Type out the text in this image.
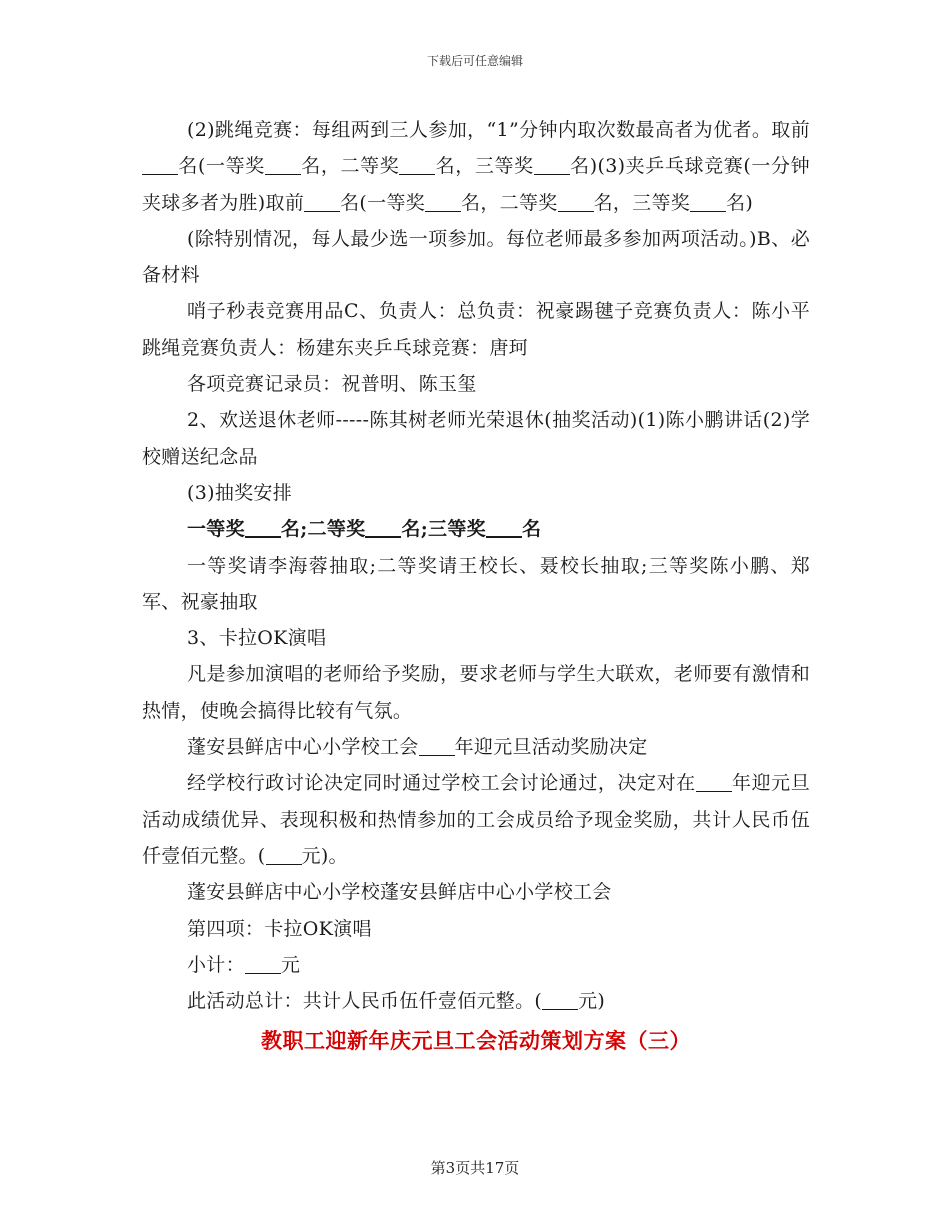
下载后可任意编辑

(2)跳绳竞赛：每组两到三人参加，“1”分钟内取次数最高者为优者。取前名(一等奖 名，二等奖 名，三等奖 名)(3)夹乒乓球竞赛(一分钟夹球多者为胜)取前 名(一等奖 名，二等奖 名，三等奖 名)

(除特别情况，每人最少选一项参加。每位老师最多参加两项活动。)B、必备材料

哨子秒表竞赛用品C、负责人：总负责：祝豪踢毽子竞赛负责人：陈小平跳绳竞赛负责人：杨建东夹乒乓球竞赛：唐珂

各项竞赛记录员：祝普明、陈玉玺

2、欢送退休老师-----陈其树老师光荣退休(抽奖活动)(1)陈小鹏讲话(2)学校赠送纪念品

(3)抽奖安排

一等奖 名;二等奖 名;三等奖 名

一等奖请李海蓉抽取;二等奖请王校长、聂校长抽取;三等奖陈小鹏、郑军、祝豪抽取

3、卡拉OK演唱

凡是参加演唱的老师给予奖励，要求老师与学生大联欢，老师要有激情和热情，使晚会搞得比较有气氛。

蓬安县鲜店中心小学校工会 年迎元旦活动奖励决定

经学校行政讨论决定同时通过学校工会讨论通过，决定对在 年迎元旦活动成绩优异、表现积极和热情参加的工会成员给予现金奖励，共计人民币伍仟壹佰元整。( 元)。

蓬安县鲜店中心小学校蓬安县鲜店中心小学校工会

第四项：卡拉OK演唱

小计： 元

此活动总计：共计人民币伍仟壹佰元整。( 元)

教职工迎新年庆元旦工会活动策划方案（三）
第3页共17页
